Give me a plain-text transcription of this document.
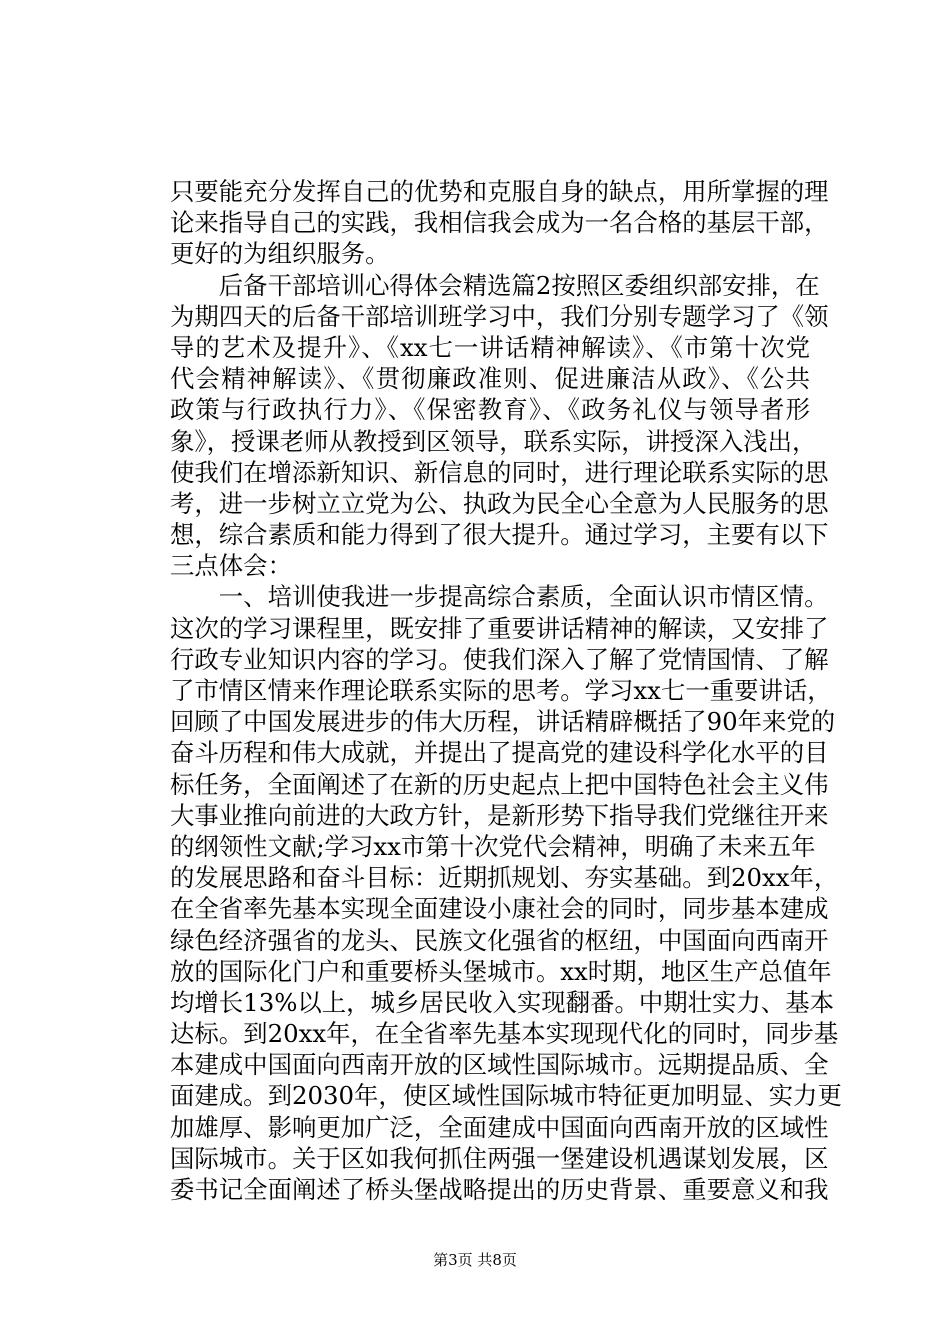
只要能充分发挥自己的优势和克服自身的缺点，用所掌握的理
论来指导自己的实践，我相信我会成为一名合格的基层干部，
更好的为组织服务。
　　后备干部培训心得体会精选篇2按照区委组织部安排，在
为期四天的后备干部培训班学习中，我们分别专题学习了《领
导的艺术及提升》、《xx七一讲话精神解读》、《市第十次党
代会精神解读》、《贯彻廉政准则、促进廉洁从政》、《公共
政策与行政执行力》、《保密教育》、《政务礼仪与领导者形
象》，授课老师从教授到区领导，联系实际，讲授深入浅出，
使我们在增添新知识、新信息的同时，进行理论联系实际的思
考，进一步树立立党为公、执政为民全心全意为人民服务的思
想，综合素质和能力得到了很大提升。通过学习，主要有以下
三点体会：
　　一、培训使我进一步提高综合素质，全面认识市情区情。
这次的学习课程里，既安排了重要讲话精神的解读，又安排了
行政专业知识内容的学习。使我们深入了解了党情国情、了解
了市情区情来作理论联系实际的思考。学习xx七一重要讲话，
回顾了中国发展进步的伟大历程，讲话精辟概括了90年来党的
奋斗历程和伟大成就，并提出了提高党的建设科学化水平的目
标任务，全面阐述了在新的历史起点上把中国特色社会主义伟
大事业推向前进的大政方针，是新形势下指导我们党继往开来
的纲领性文献;学习xx市第十次党代会精神，明确了未来五年
的发展思路和奋斗目标：近期抓规划、夯实基础。到20xx年，
在全省率先基本实现全面建设小康社会的同时，同步基本建成
绿色经济强省的龙头、民族文化强省的枢纽，中国面向西南开
放的国际化门户和重要桥头堡城市。xx时期，地区生产总值年
均增长13%以上，城乡居民收入实现翻番。中期壮实力、基本
达标。到20xx年，在全省率先基本实现现代化的同时，同步基
本建成中国面向西南开放的区域性国际城市。远期提品质、全
面建成。到2030年，使区域性国际城市特征更加明显、实力更
加雄厚、影响更加广泛，全面建成中国面向西南开放的区域性
国际城市。关于区如我何抓住两强一堡建设机遇谋划发展，区
委书记全面阐述了桥头堡战略提出的历史背景、重要意义和我
第3页 共8页
